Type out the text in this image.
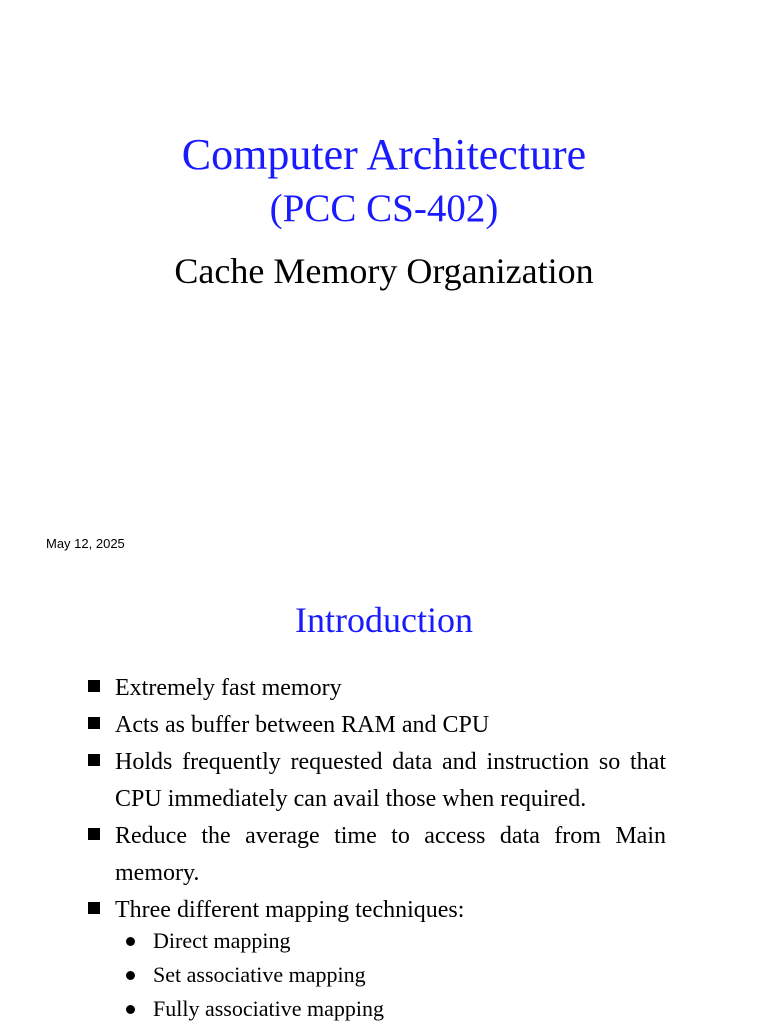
Computer Architecture
(PCC CS-402)
Cache Memory Organization
May 12, 2025
Introduction
Extremely fast memory
Acts as buffer between RAM and CPU
Holds frequently requested data and instruction so that CPU immediately can avail those when required.
Reduce the average time to access data from Main memory.
Three different mapping techniques:
Direct mapping
Set associative mapping
Fully associative mapping
